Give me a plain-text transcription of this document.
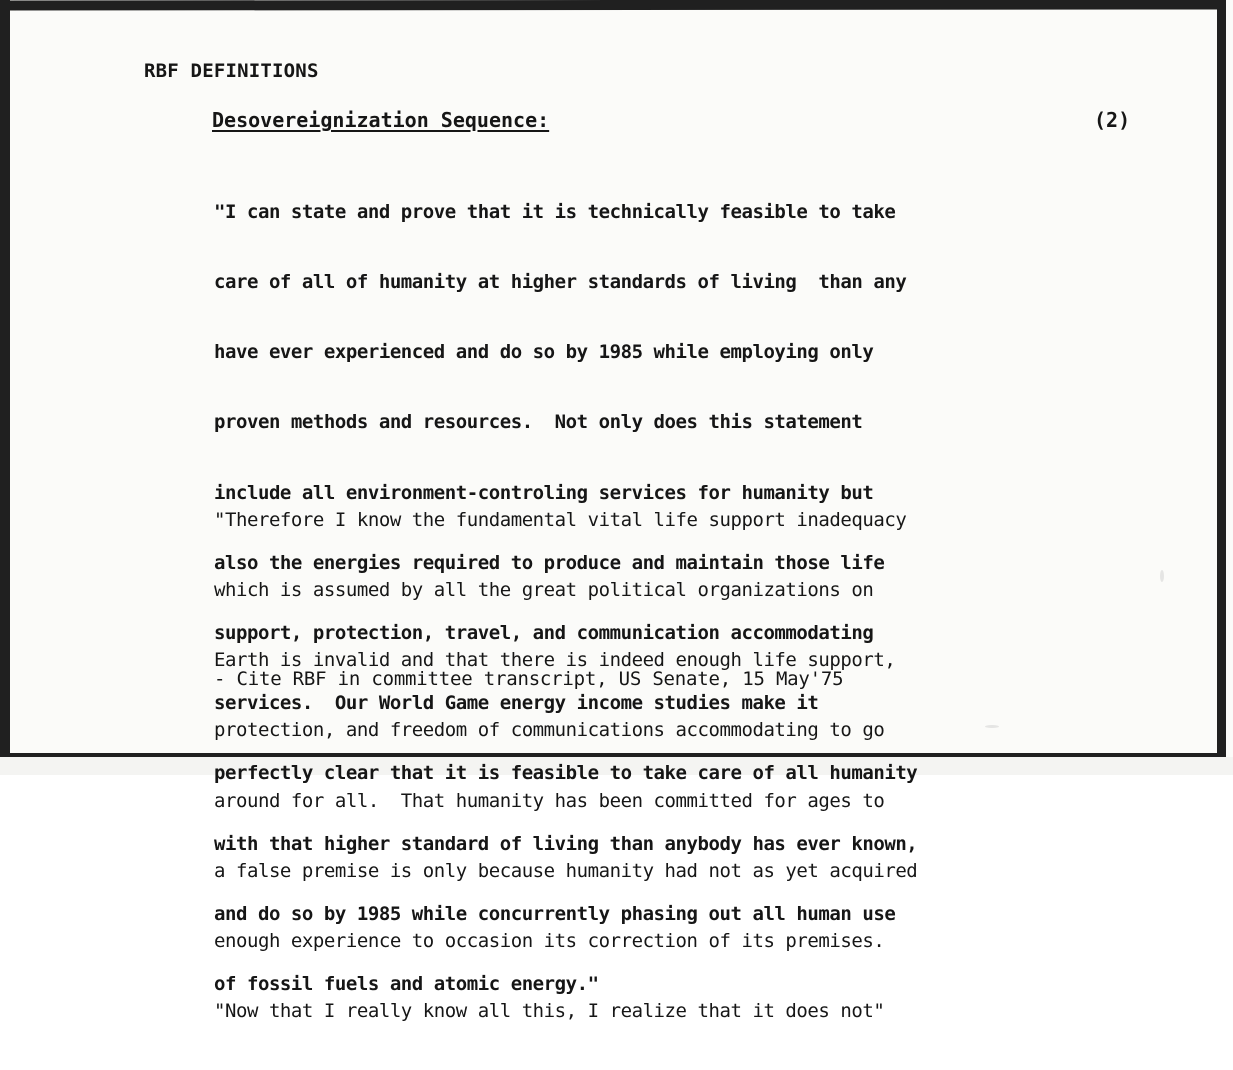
RBF DEFINITIONS
Desovereignization Sequence:	(2)

"I can state and prove that it is technically feasible to take

care of all of humanity at higher standards of living  than any

have ever experienced and do so by 1985 while employing only

proven methods and resources.  Not only does this statement

include all environment-controling services for humanity but

also the energies required to produce and maintain those life

support, protection, travel, and communication accommodating

services.  Our World Game energy income studies make it

perfectly clear that it is feasible to take care of all humanity

with that higher standard of living than anybody has ever known,

and do so by 1985 while concurrently phasing out all human use

of fossil fuels and atomic energy."

"Therefore I know the fundamental vital life support inadequacy

which is assumed by all the great political organizations on

Earth is invalid and that there is indeed enough life support,

protection, and freedom of communications accommodating to go

around for all.  That humanity has been committed for ages to

a false premise is only because humanity had not as yet acquired

enough experience to occasion its correction of its premises.

"Now that I really know all this, I realize that it does not"

- Cite RBF in committee transcript, US Senate, 15 May'75
